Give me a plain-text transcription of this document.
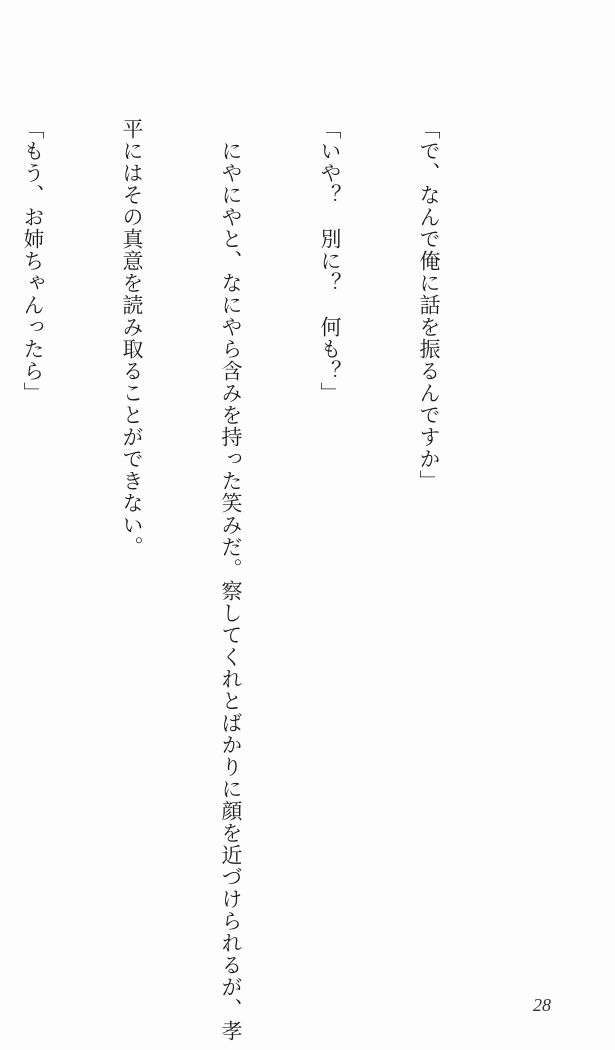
「で、なんで俺に話を振るんですか」

「いや？　別に？　何も？」

　にやにやと、なにやら含みを持った笑みだ。察してくれとばかりに顔を近づけられるが、孝

平にはその真意を読み取ることができない。

「もう、お姉ちゃんったら」

28
